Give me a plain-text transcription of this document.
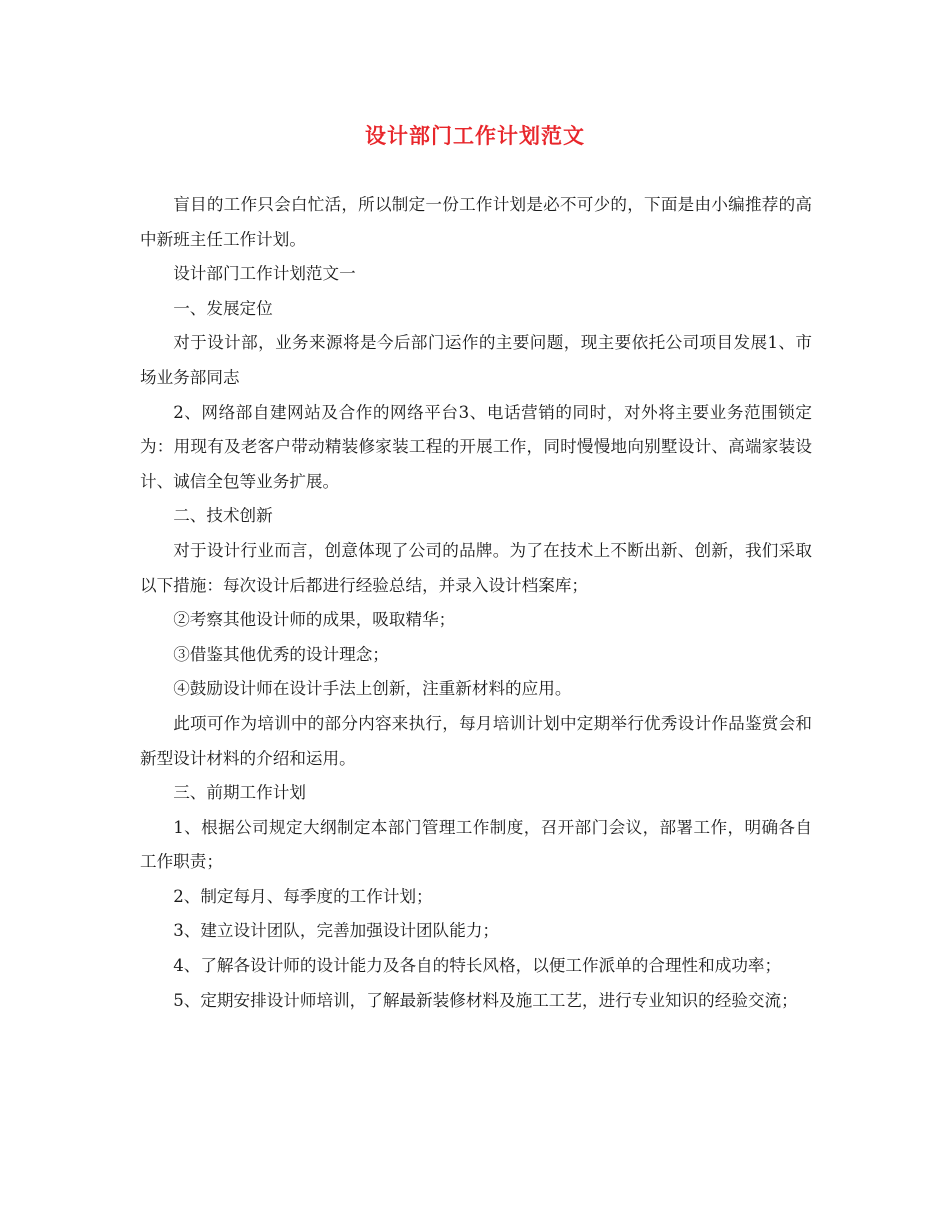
设计部门工作计划范文

盲目的工作只会白忙活，所以制定一份工作计划是必不可少的，下面是由小编推荐的高中新班主任工作计划。

设计部门工作计划范文一

一、发展定位

对于设计部，业务来源将是今后部门运作的主要问题，现主要依托公司项目发展1、市场业务部同志

2、网络部自建网站及合作的网络平台3、电话营销的同时，对外将主要业务范围锁定为：用现有及老客户带动精装修家装工程的开展工作，同时慢慢地向别墅设计、高端家装设计、诚信全包等业务扩展。

二、技术创新

对于设计行业而言，创意体现了公司的品牌。为了在技术上不断出新、创新，我们采取以下措施：每次设计后都进行经验总结，并录入设计档案库；

②考察其他设计师的成果，吸取精华；

③借鉴其他优秀的设计理念；

④鼓励设计师在设计手法上创新，注重新材料的应用。

此项可作为培训中的部分内容来执行，每月培训计划中定期举行优秀设计作品鉴赏会和新型设计材料的介绍和运用。

三、前期工作计划

1、根据公司规定大纲制定本部门管理工作制度，召开部门会议，部署工作，明确各自工作职责；

2、制定每月、每季度的工作计划；

3、建立设计团队，完善加强设计团队能力；

4、了解各设计师的设计能力及各自的特长风格，以便工作派单的合理性和成功率；

5、定期安排设计师培训，了解最新装修材料及施工工艺，进行专业知识的经验交流；
